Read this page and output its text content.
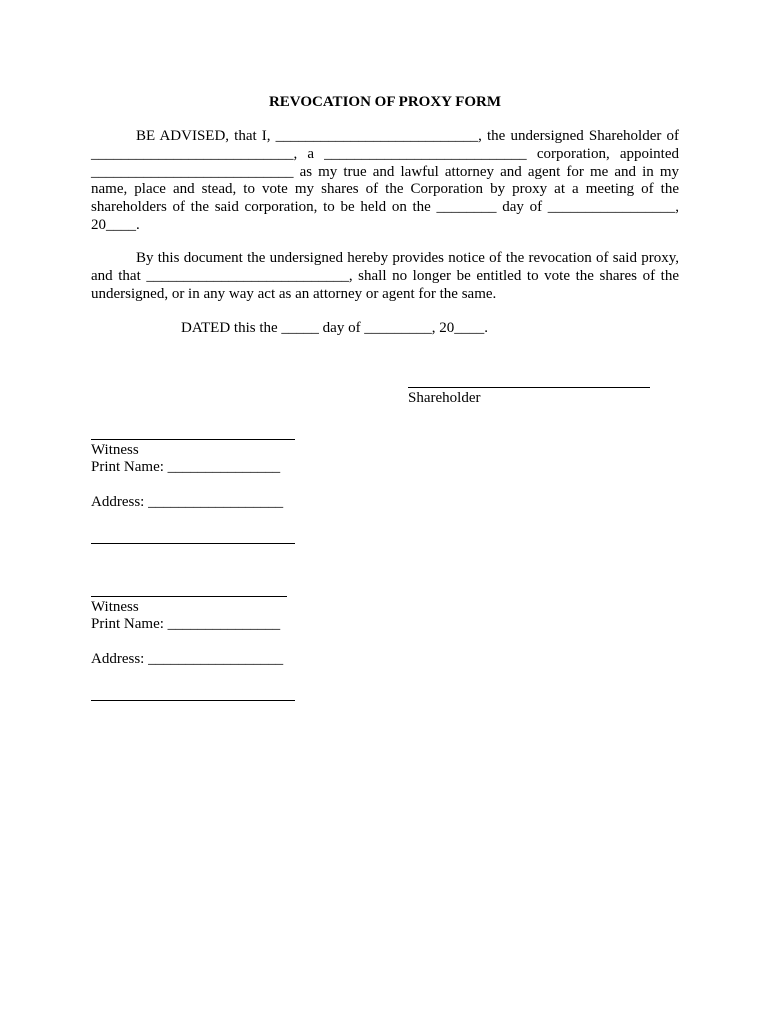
REVOCATION OF PROXY FORM

BE ADVISED, that I, ___________________________, the undersigned Shareholder of ___________________________, a ___________________________ corporation, appointed ___________________________ as my true and lawful attorney and agent for me and in my name, place and stead, to vote my shares of the Corporation by proxy at a meeting of the shareholders of the said corporation, to be held on the ________ day of _________________, 20____.

By this document the undersigned hereby provides notice of the revocation of said proxy, and that ___________________________, shall no longer be entitled to vote the shares of the undersigned, or in any way act as an attorney or agent for the same.

DATED this the _____ day of _________, 20____.
Shareholder
Witness
Print Name: _______________
Address: __________________
Witness
Print Name: _______________
Address: __________________
